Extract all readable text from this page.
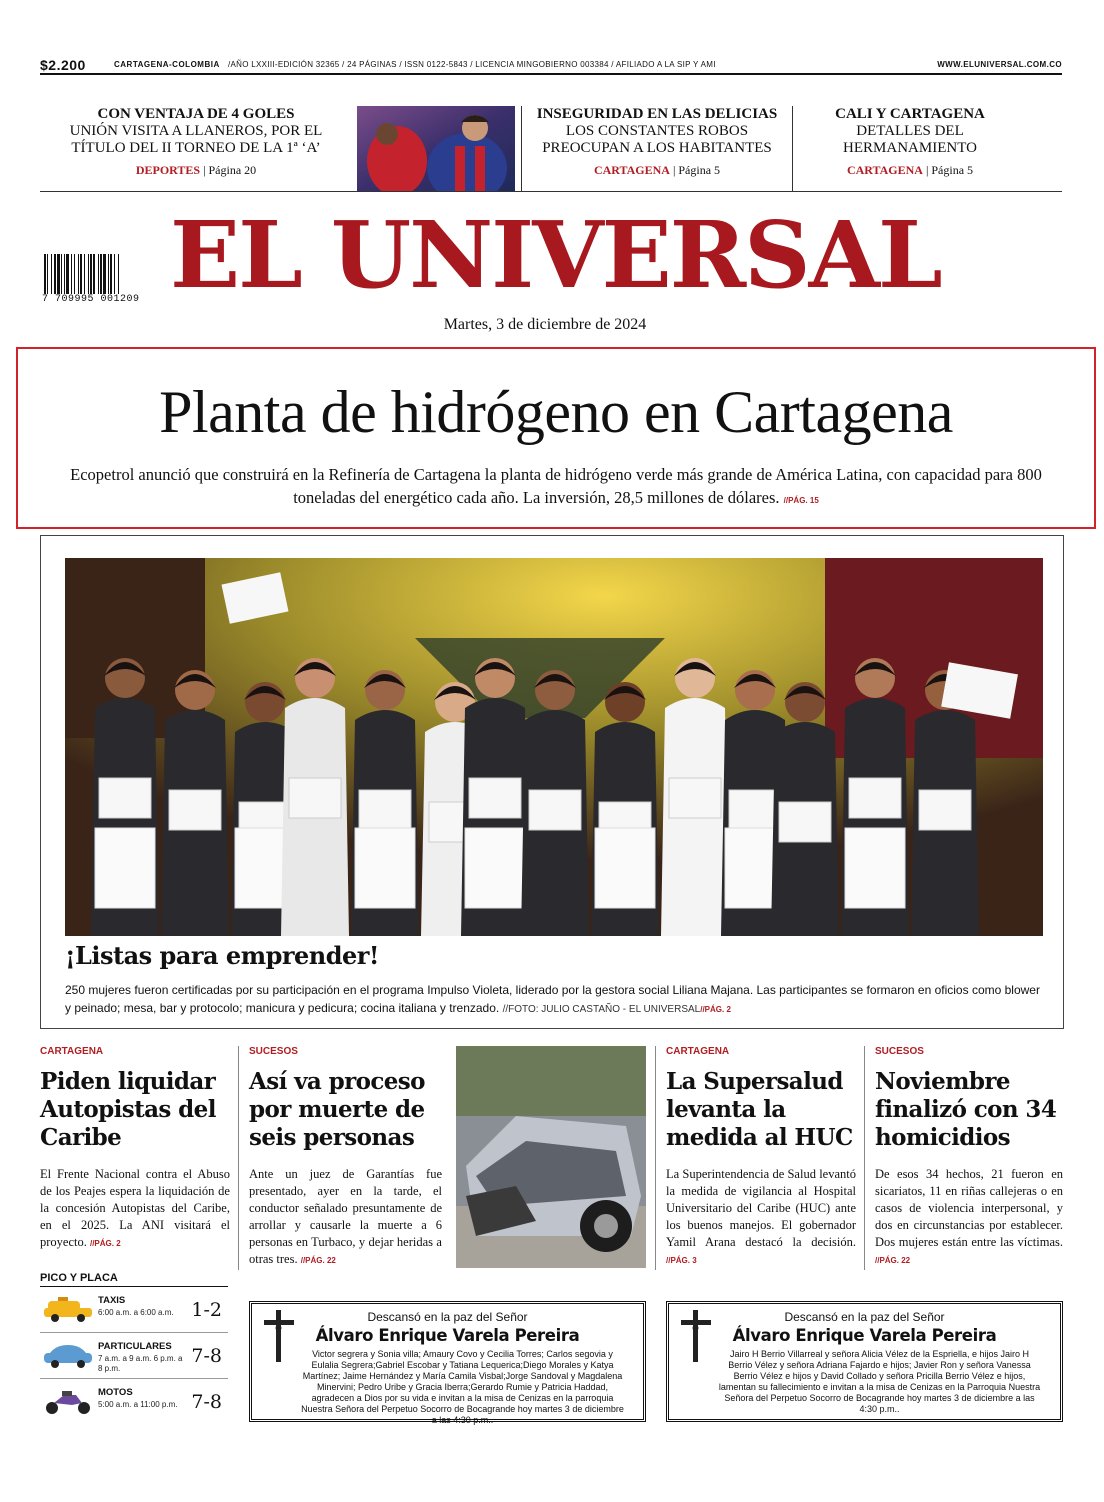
$2.200	CARTAGENA-COLOMBIA /AÑO LXXIII-EDICIÓN 32365 / 24 PÁGINAS / ISSN 0122-5843 / LICENCIA MINGOBIERNO 003384 / AFILIADO A LA SIP Y AMI	WWW.ELUNIVERSAL.COM.CO
CON VENTAJA DE 4 GOLES
UNIÓN VISITA A LLANEROS, POR EL
TÍTULO DEL II TORNEO DE LA 1ª ‘A’
DEPORTES | Página 20
INSEGURIDAD EN LAS DELICIAS
LOS CONSTANTES ROBOS
PREOCUPAN A LOS HABITANTES
CARTAGENA | Página 5
CALI Y CARTAGENA
DETALLES DEL
HERMANAMIENTO
CARTAGENA | Página 5
7 709995 001209 EL UNIVERSAL
Martes, 3 de diciembre de 2024
Planta de hidrógeno en Cartagena
Ecopetrol anunció que construirá en la Refinería de Cartagena la planta de hidrógeno verde más grande de América Latina, con capacidad para 800 toneladas del energético cada año. La inversión, 28,5 millones de dólares. //PÁG. 15
¡Listas para emprender!
250 mujeres fueron certificadas por su participación en el programa Impulso Violeta, liderado por la gestora social Liliana Majana. Las participantes se formaron en oficios como blower y peinado; mesa, bar y protocolo; manicura y pedicura; cocina italiana y trenzado. //FOTO: JULIO CASTAÑO - EL UNIVERSAL//PÁG. 2
CARTAGENA
Piden liquidar Autopistas del Caribe
El Frente Nacional contra el Abuso de los Peajes espera la liquidación de la concesión Autopistas del Caribe, en el 2025. La ANI visitará el proyecto. //PÁG. 2
SUCESOS
Así va proceso por muerte de seis personas
Ante un juez de Garantías fue presentado, ayer en la tarde, el conductor señalado presuntamente de arrollar y causarle la muerte a 6 personas en Turbaco, y dejar heridas a otras tres. //PÁG. 22
CARTAGENA
La Supersalud levanta la medida al HUC
La Superintendencia de Salud levantó la medida de vigilancia al Hospital Universitario del Caribe (HUC) ante los buenos manejos. El gobernador Yamil Arana destacó la decisión. //PÁG. 3
SUCESOS
Noviembre finalizó con 34 homicidios
De esos 34 hechos, 21 fueron en sicariatos, 11 en riñas callejeras o en casos de violencia interpersonal, y dos en circunstancias por establecer. Dos mujeres están entre las víctimas. //PÁG. 22
PICO Y PLACA
TAXIS
6:00 a.m. a 6:00 a.m. 1-2
PARTICULARES
7 a.m. a 9 a.m. 6 p.m. a 8 p.m.
7-8
MOTOS
5:00 a.m. a 11:00 p.m. 7-8
Descansó en la paz del Señor
Álvaro Enrique Varela Pereira
Victor segrera y Sonia villa; Amaury Covo y Cecilia Torres; Carlos segovia y Eulalia Segrera;Gabriel Escobar y Tatiana Lequerica;Diego Morales y Katya Martínez; Jaime Hernández y María Camila Visbal;Jorge Sandoval y Magdalena Minervini; Pedro Uribe y Gracia Iberra;Gerardo Rumie y Patricia Haddad, agradecen a Dios por su vida e invitan a la misa de Cenizas en la parroquia Nuestra Señora del Perpetuo Socorro de Bocagrande hoy martes 3 de diciembre a las 4:30 p.m..
Descansó en la paz del Señor
Álvaro Enrique Varela Pereira
Jairo H Berrio Villarreal y señora Alicia Vélez de la Espriella, e hijos Jairo H Berrio Vélez y señora Adriana Fajardo e hijos; Javier Ron y señora Vanessa Berrio Vélez e hijos y David Collado y señora Pricilla Berrio Vélez e hijos, lamentan su fallecimiento e invitan a la misa de Cenizas en la Parroquia Nuestra Señora del Perpetuo Socorro de Bocagrande hoy martes 3 de diciembre a las 4:30 p.m..
